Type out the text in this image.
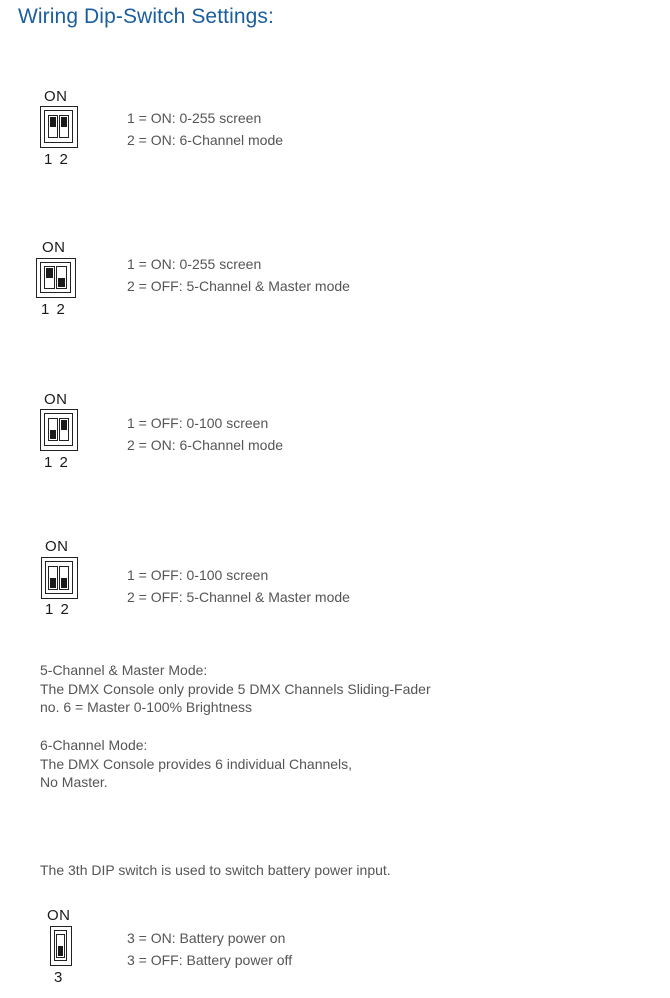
Wiring Dip-Switch Settings:
ON
1 2
1 = ON: 0-255 screen
2 = ON: 6-Channel mode
ON
1 2
1 = ON: 0-255 screen
2 = OFF: 5-Channel & Master mode
ON
1 2
1 = OFF: 0-100 screen
2 = ON: 6-Channel mode
ON
1 2
1 = OFF: 0-100 screen
2 = OFF: 5-Channel & Master mode
5-Channel & Master Mode:
The DMX Console only provide 5 DMX Channels Sliding-Fader
no. 6 = Master 0-100% Brightness
6-Channel Mode:
The DMX Console provides 6 individual Channels,
No Master.
The 3th DIP switch is used to switch battery power input.
ON
3
3 = ON: Battery power on
3 = OFF: Battery power off
